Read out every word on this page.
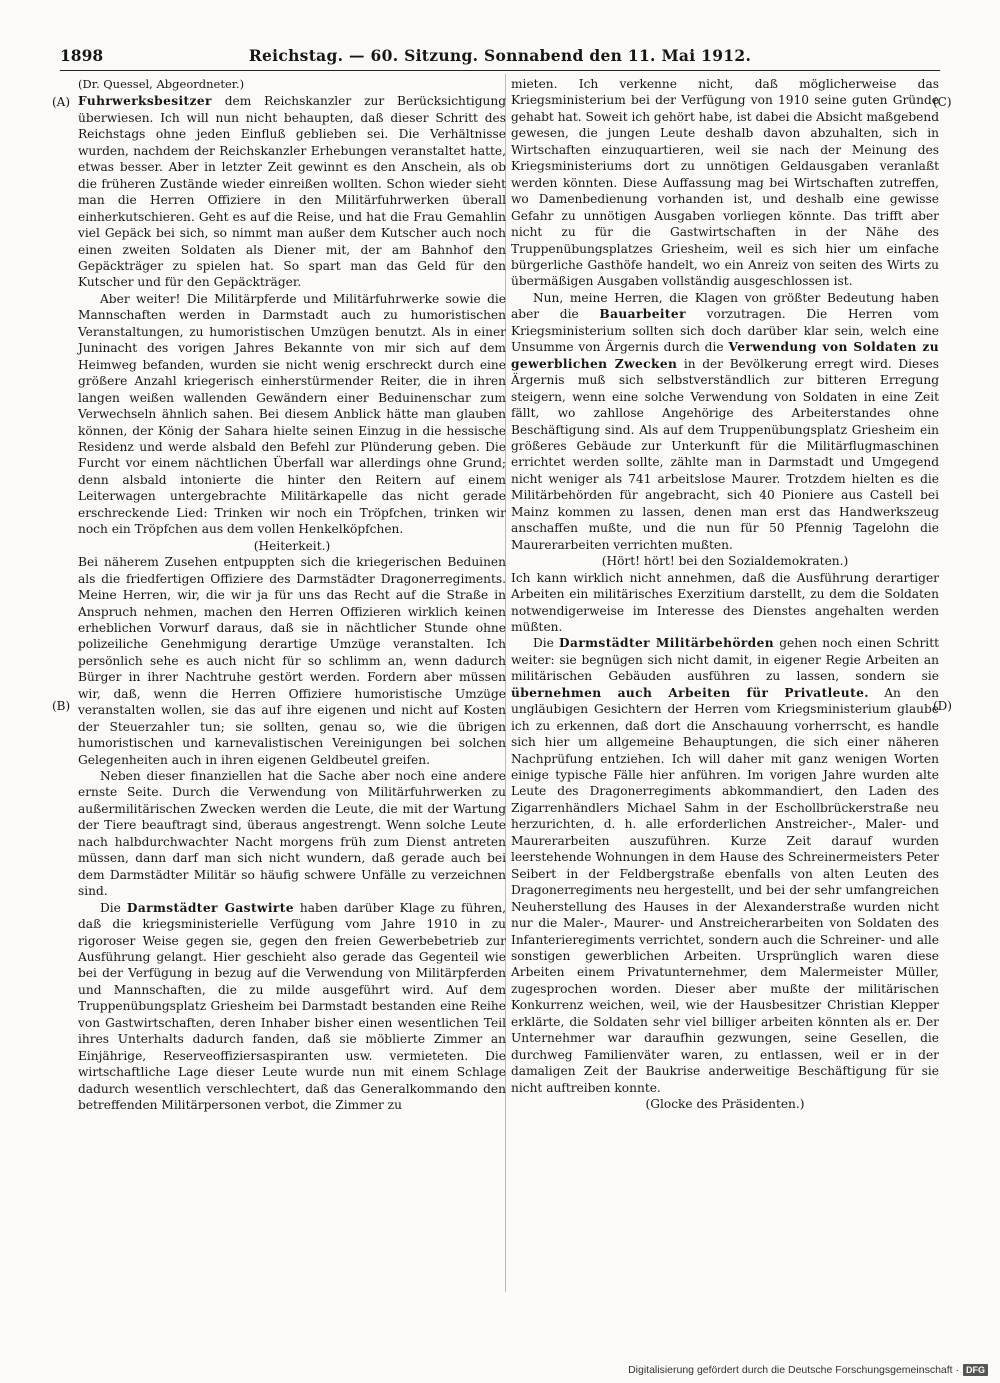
1898	Reichstag. — 60. Sitzung. Sonnabend den 11. Mai 1912.
(A)
(B)
(C)
(D)

(Dr. Quessel, Abgeordneter.)

Fuhrwerksbesitzer dem Reichskanzler zur Berücksichtigung überwiesen. Ich will nun nicht behaupten, daß dieser Schritt des Reichstags ohne jeden Einfluß geblieben sei. Die Verhältnisse wurden, nachdem der Reichskanzler Erhebungen veranstaltet hatte, etwas besser. Aber in letzter Zeit gewinnt es den Anschein, als ob die früheren Zustände wieder einreißen wollten. Schon wieder sieht man die Herren Offiziere in den Militärfuhrwerken überall einherkutschieren. Geht es auf die Reise, und hat die Frau Gemahlin viel Gepäck bei sich, so nimmt man außer dem Kutscher auch noch einen zweiten Soldaten als Diener mit, der am Bahnhof den Gepäckträger zu spielen hat. So spart man das Geld für den Kutscher und für den Gepäckträger.

Aber weiter! Die Militärpferde und Militärfuhrwerke sowie die Mannschaften werden in Darmstadt auch zu humoristischen Veranstaltungen, zu humoristischen Umzügen benutzt. Als in einer Juninacht des vorigen Jahres Bekannte von mir sich auf dem Heimweg befanden, wurden sie nicht wenig erschreckt durch eine größere Anzahl kriegerisch einherstürmender Reiter, die in ihren langen weißen wallenden Gewändern einer Beduinenschar zum Verwechseln ähnlich sahen. Bei diesem Anblick hätte man glauben können, der König der Sahara hielte seinen Einzug in die hessische Residenz und werde alsbald den Befehl zur Plünderung geben. Die Furcht vor einem nächtlichen Überfall war allerdings ohne Grund; denn alsbald intonierte die hinter den Reitern auf einem Leiterwagen untergebrachte Militärkapelle das nicht gerade erschreckende Lied: Trinken wir noch ein Tröpfchen, trinken wir noch ein Tröpfchen aus dem vollen Henkelköpfchen.

(Heiterkeit.)

Bei näherem Zusehen entpuppten sich die kriegerischen Beduinen als die friedfertigen Offiziere des Darmstädter Dragonerregiments. Meine Herren, wir, die wir ja für uns das Recht auf die Straße in Anspruch nehmen, machen den Herren Offizieren wirklich keinen erheblichen Vorwurf daraus, daß sie in nächtlicher Stunde ohne polizeiliche Genehmigung derartige Umzüge veranstalten. Ich persönlich sehe es auch nicht für so schlimm an, wenn dadurch Bürger in ihrer Nachtruhe gestört werden. Fordern aber müssen wir, daß, wenn die Herren Offiziere humoristische Umzüge veranstalten wollen, sie das auf ihre eigenen und nicht auf Kosten der Steuerzahler tun; sie sollten, genau so, wie die übrigen humoristischen und karnevalistischen Vereinigungen bei solchen Gelegenheiten auch in ihren eigenen Geldbeutel greifen.

Neben dieser finanziellen hat die Sache aber noch eine andere ernste Seite. Durch die Verwendung von Militärfuhrwerken zu außermilitärischen Zwecken werden die Leute, die mit der Wartung der Tiere beauftragt sind, überaus angestrengt. Wenn solche Leute nach halbdurchwachter Nacht morgens früh zum Dienst antreten müssen, dann darf man sich nicht wundern, daß gerade auch bei dem Darmstädter Militär so häufig schwere Unfälle zu verzeichnen sind.

Die Darmstädter Gastwirte haben darüber Klage zu führen, daß die kriegsministerielle Verfügung vom Jahre 1910 in zu rigoroser Weise gegen sie, gegen den freien Gewerbebetrieb zur Ausführung gelangt. Hier geschieht also gerade das Gegenteil wie bei der Verfügung in bezug auf die Verwendung von Militärpferden und Mannschaften, die zu milde ausgeführt wird. Auf dem Truppenübungsplatz Griesheim bei Darmstadt bestanden eine Reihe von Gastwirtschaften, deren Inhaber bisher einen wesentlichen Teil ihres Unterhalts dadurch fanden, daß sie möblierte Zimmer an Einjährige, Reserveoffiziersaspiranten usw. vermieteten. Die wirtschaftliche Lage dieser Leute wurde nun mit einem Schlage dadurch wesentlich verschlechtert, daß das Generalkommando den betreffenden Militärpersonen verbot, die Zimmer zu

mieten. Ich verkenne nicht, daß möglicherweise das Kriegsministerium bei der Verfügung von 1910 seine guten Gründe gehabt hat. Soweit ich gehört habe, ist dabei die Absicht maßgebend gewesen, die jungen Leute deshalb davon abzuhalten, sich in Wirtschaften einzuquartieren, weil sie nach der Meinung des Kriegsministeriums dort zu unnötigen Geldausgaben veranlaßt werden könnten. Diese Auffassung mag bei Wirtschaften zutreffen, wo Damenbedienung vorhanden ist, und deshalb eine gewisse Gefahr zu unnötigen Ausgaben vorliegen könnte. Das trifft aber nicht zu für die Gastwirtschaften in der Nähe des Truppenübungsplatzes Griesheim, weil es sich hier um einfache bürgerliche Gasthöfe handelt, wo ein Anreiz von seiten des Wirts zu übermäßigen Ausgaben vollständig ausgeschlossen ist.

Nun, meine Herren, die Klagen von größter Bedeutung haben aber die Bauarbeiter vorzutragen. Die Herren vom Kriegsministerium sollten sich doch darüber klar sein, welch eine Unsumme von Ärgernis durch die Verwendung von Soldaten zu gewerblichen Zwecken in der Bevölkerung erregt wird. Dieses Ärgernis muß sich selbstverständlich zur bitteren Erregung steigern, wenn eine solche Verwendung von Soldaten in eine Zeit fällt, wo zahllose Angehörige des Arbeiterstandes ohne Beschäftigung sind. Als auf dem Truppenübungsplatz Griesheim ein größeres Gebäude zur Unterkunft für die Militärflugmaschinen errichtet werden sollte, zählte man in Darmstadt und Umgegend nicht weniger als 741 arbeitslose Maurer. Trotzdem hielten es die Militärbehörden für angebracht, sich 40 Pioniere aus Castell bei Mainz kommen zu lassen, denen man erst das Handwerkszeug anschaffen mußte, und die nun für 50 Pfennig Tagelohn die Maurerarbeiten verrichten mußten.

(Hört! hört! bei den Sozialdemokraten.)

Ich kann wirklich nicht annehmen, daß die Ausführung derartiger Arbeiten ein militärisches Exerzitium darstellt, zu dem die Soldaten notwendigerweise im Interesse des Dienstes angehalten werden müßten.

Die Darmstädter Militärbehörden gehen noch einen Schritt weiter: sie begnügen sich nicht damit, in eigener Regie Arbeiten an militärischen Gebäuden ausführen zu lassen, sondern sie übernehmen auch Arbeiten für Privatleute. An den ungläubigen Gesichtern der Herren vom Kriegsministerium glaube ich zu erkennen, daß dort die Anschauung vorherrscht, es handle sich hier um allgemeine Behauptungen, die sich einer näheren Nachprüfung entziehen. Ich will daher mit ganz wenigen Worten einige typische Fälle hier anführen. Im vorigen Jahre wurden alte Leute des Dragonerregiments abkommandiert, den Laden des Zigarrenhändlers Michael Sahm in der Eschollbrückerstraße neu herzurichten, d. h. alle erforderlichen Anstreicher-, Maler- und Maurerarbeiten auszuführen. Kurze Zeit darauf wurden leerstehende Wohnungen in dem Hause des Schreinermeisters Peter Seibert in der Feldbergstraße ebenfalls von alten Leuten des Dragonerregiments neu hergestellt, und bei der sehr umfangreichen Neuherstellung des Hauses in der Alexanderstraße wurden nicht nur die Maler-, Maurer- und Anstreicherarbeiten von Soldaten des Infanterieregiments verrichtet, sondern auch die Schreiner- und alle sonstigen gewerblichen Arbeiten. Ursprünglich waren diese Arbeiten einem Privatunternehmer, dem Malermeister Müller, zugesprochen worden. Dieser aber mußte der militärischen Konkurrenz weichen, weil, wie der Hausbesitzer Christian Klepper erklärte, die Soldaten sehr viel billiger arbeiten könnten als er. Der Unternehmer war daraufhin gezwungen, seine Gesellen, die durchweg Familienväter waren, zu entlassen, weil er in der damaligen Zeit der Baukrise anderweitige Beschäftigung für sie nicht auftreiben konnte.

(Glocke des Präsidenten.)

Digitalisierung gefördert durch die Deutsche Forschungsgemeinschaft · DFG
